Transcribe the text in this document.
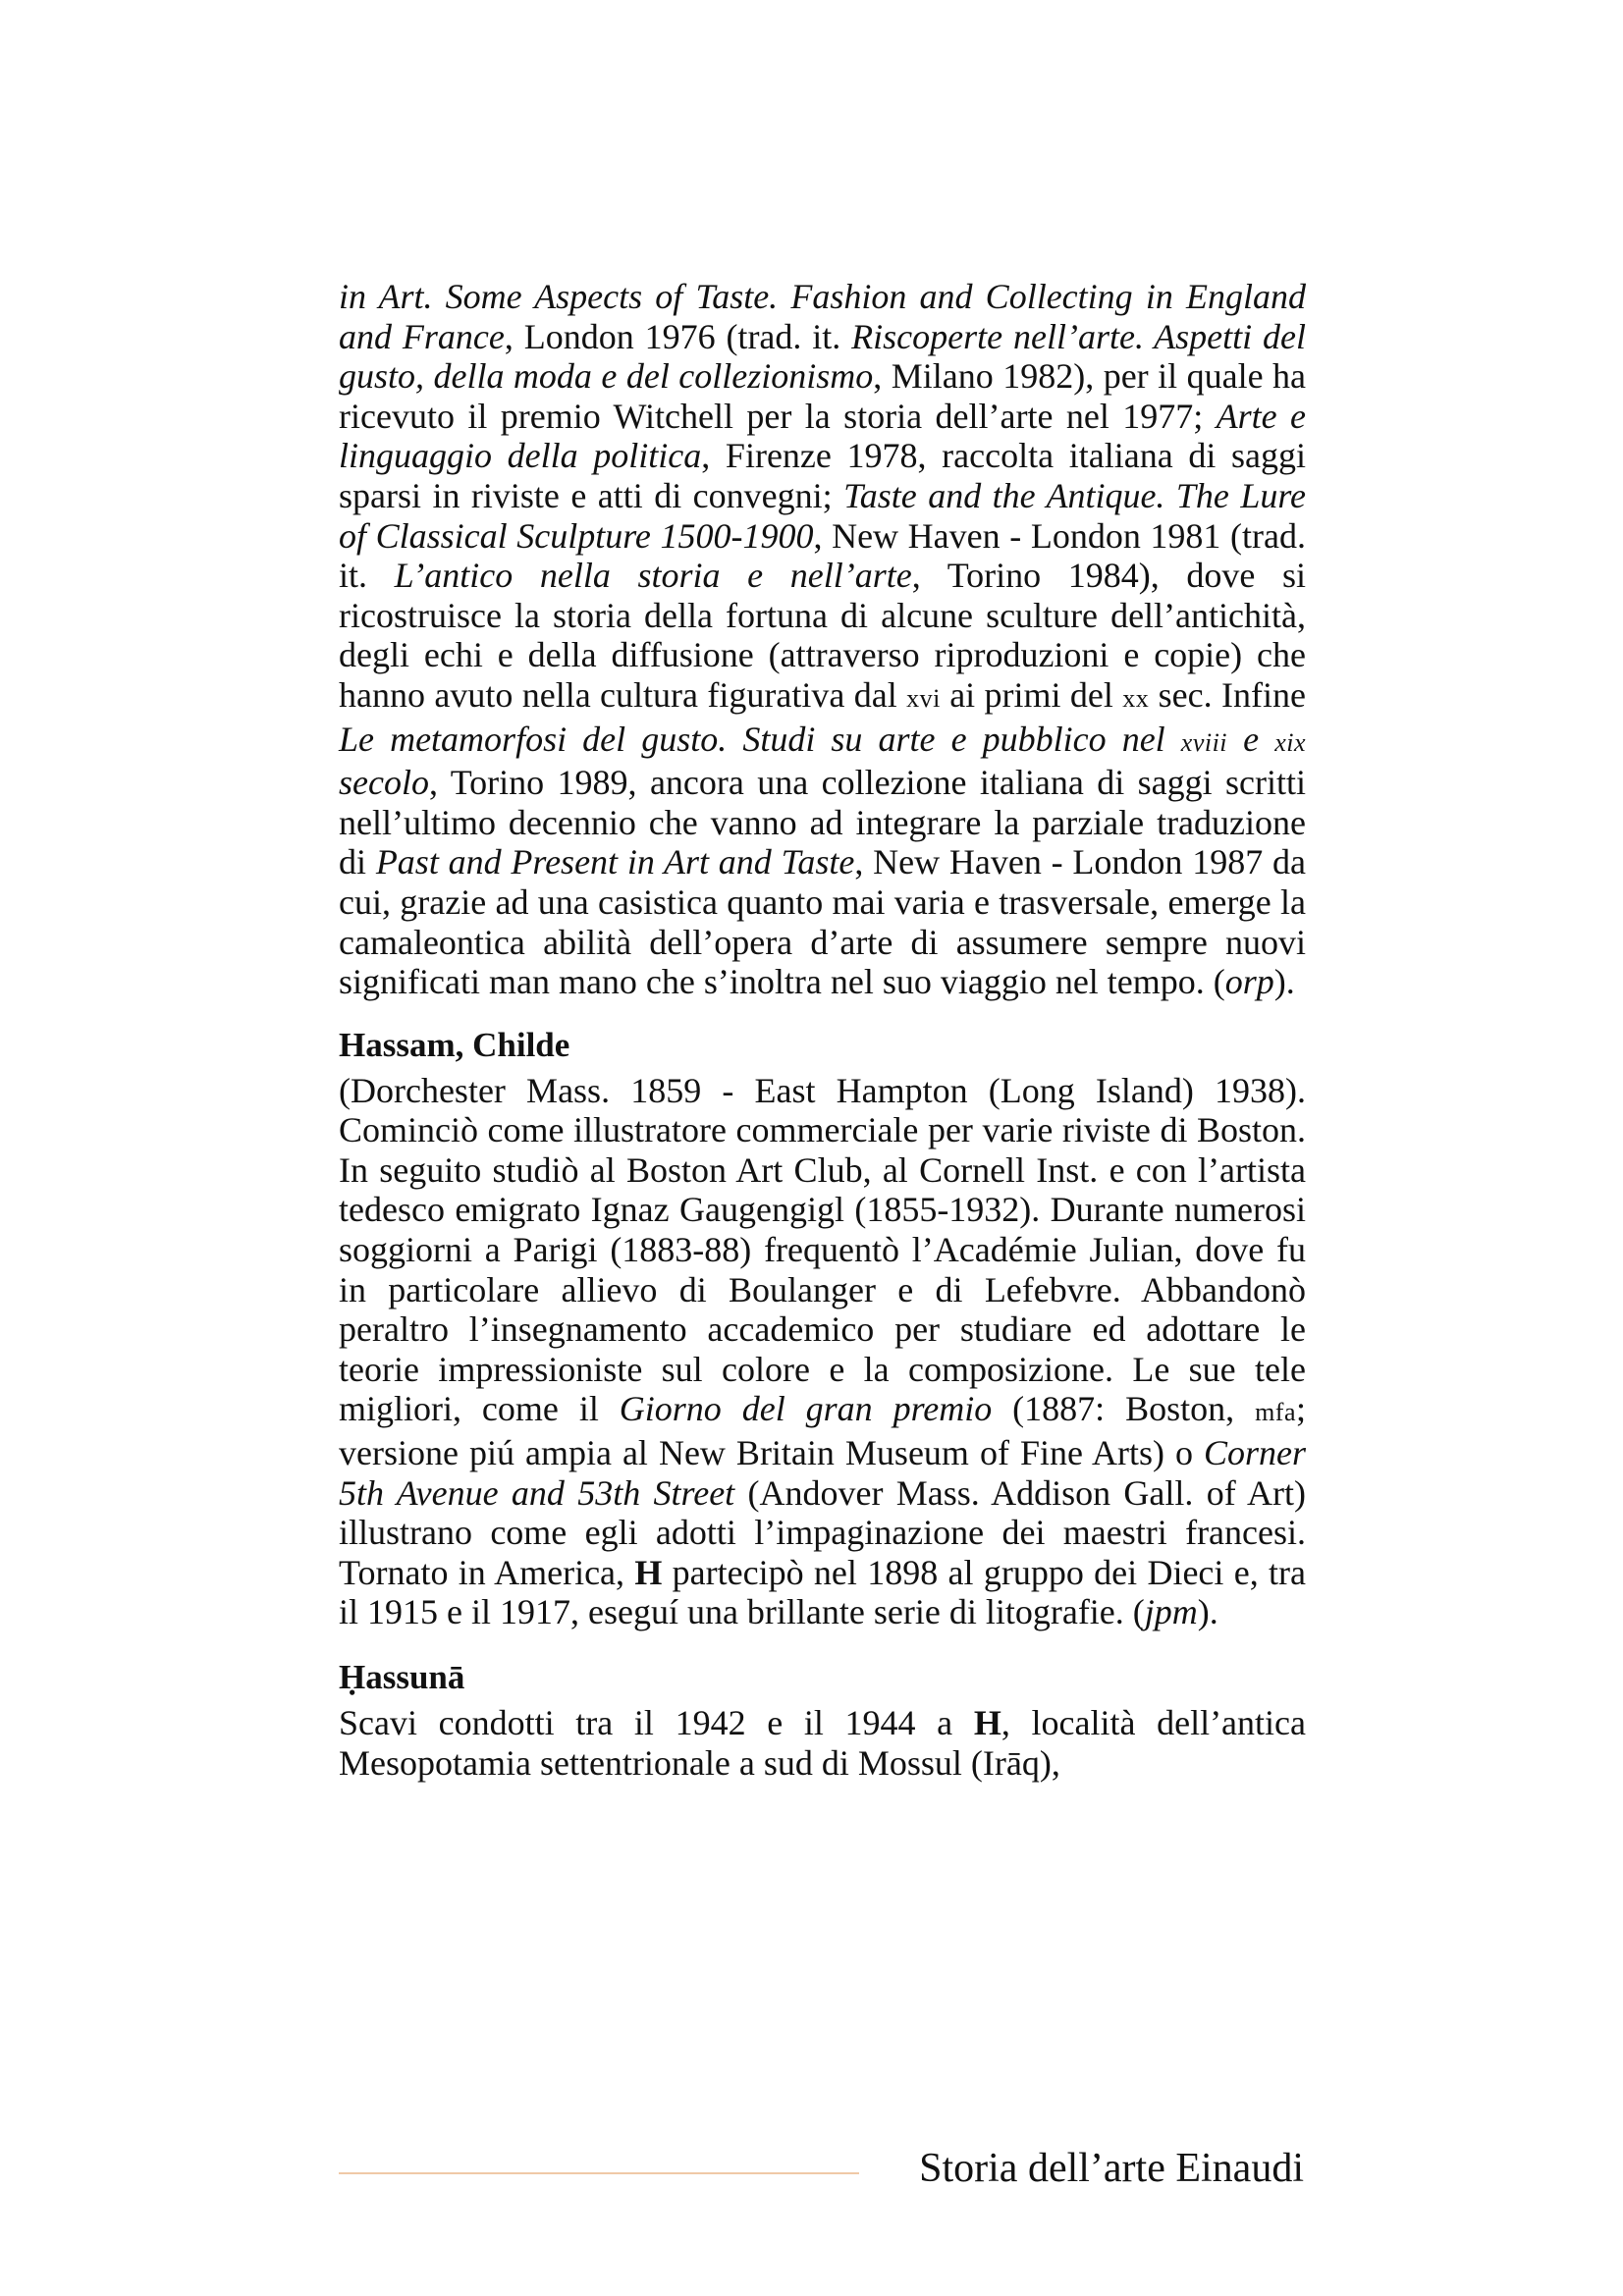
in Art. Some Aspects of Taste. Fashion and Collecting in England and France, London 1976 (trad. it. Riscoperte nell’arte. Aspetti del gusto, della moda e del collezionismo, Milano 1982), per il quale ha ricevuto il premio Witchell per la storia dell’arte nel 1977; Arte e linguaggio della politica, Firenze 1978, raccolta italiana di saggi sparsi in riviste e atti di convegni; Taste and the Antique. The Lure of Classical Sculpture 1500-1900, New Haven - London 1981 (trad. it. L’antico nella storia e nell’arte, Torino 1984), dove si ricostruisce la storia della fortuna di alcune sculture dell’antichità, degli echi e della diffusione (attraverso riproduzioni e copie) che hanno avuto nella cultura figurativa dal xvi ai primi del xx sec. Infine Le metamorfosi del gusto. Studi su arte e pubblico nel xviii e xix secolo, Torino 1989, ancora una collezione italiana di saggi scritti nell’ultimo decennio che vanno ad integrare la parziale traduzione di Past and Present in Art and Taste, New Haven - London 1987 da cui, grazie ad una casistica quanto mai varia e trasversale, emerge la camaleontica abilità dell’opera d’arte di assumere sempre nuovi significati man mano che s’inoltra nel suo viaggio nel tempo. (orp).

Hassam, Childe

(Dorchester Mass. 1859 - East Hampton (Long Island) 1938). Cominciò come illustratore commerciale per varie riviste di Boston. In seguito studiò al Boston Art Club, al Cornell Inst. e con l’artista tedesco emigrato Ignaz Gaugengigl (1855-1932). Durante numerosi soggiorni a Parigi (1883-88) frequentò l’Académie Julian, dove fu in particolare allievo di Boulanger e di Lefebvre. Abbandonò peraltro l’insegnamento accademico per studiare ed adottare le teorie impressioniste sul colore e la composizione. Le sue tele migliori, come il Giorno del gran premio (1887: Boston, mfa; versione piú ampia al New Britain Museum of Fine Arts) o Corner 5th Avenue and 53th Street (Andover Mass. Addison Gall. of Art) illustrano come egli adotti l’impaginazione dei maestri francesi. Tornato in America, H partecipò nel 1898 al gruppo dei Dieci e, tra il 1915 e il 1917, eseguí una brillante serie di litografie. (jpm).

Ḥassunā

Scavi condotti tra il 1942 e il 1944 a H, località dell’antica Mesopotamia settentrionale a sud di Mossul (Irāq),

Storia dell’arte Einaudi
